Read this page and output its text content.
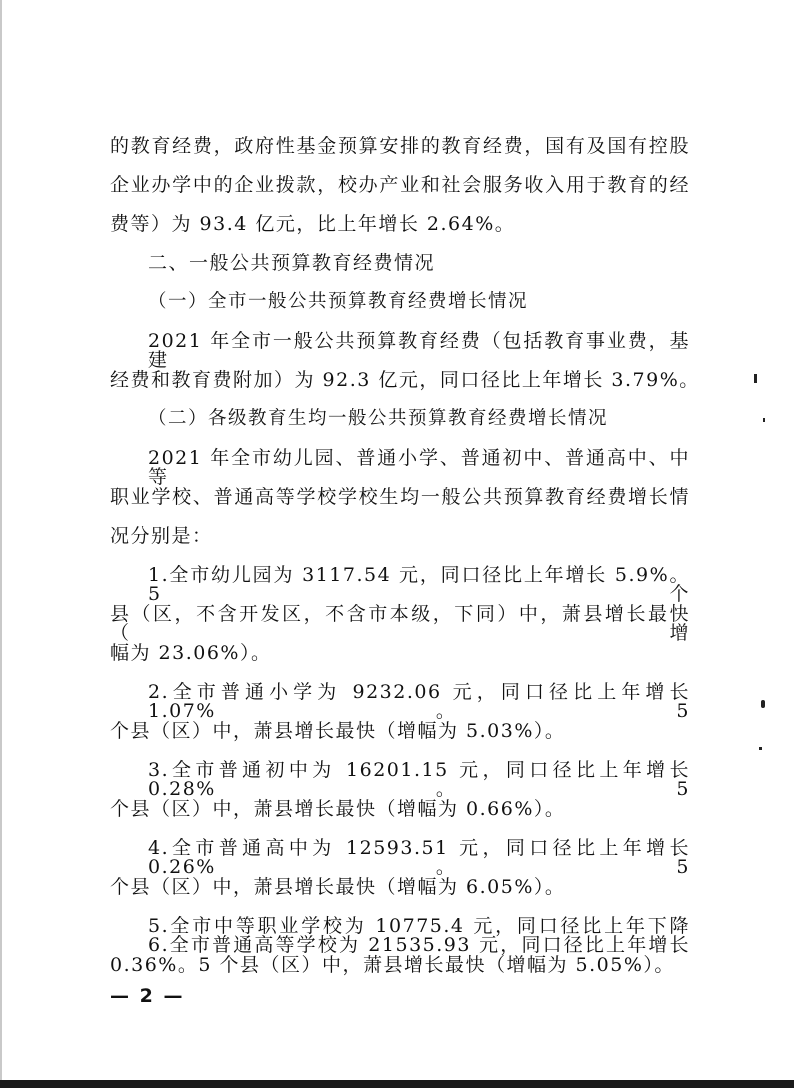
的教育经费，政府性基金预算安排的教育经费，国有及国有控股
企业办学中的企业拨款，校办产业和社会服务收入用于教育的经
费等）为 93.4 亿元，比上年增长 2.64%。
二、一般公共预算教育经费情况
（一）全市一般公共预算教育经费增长情况
2021 年全市一般公共预算教育经费（包括教育事业费，基建
经费和教育费附加）为 92.3 亿元，同口径比上年增长 3.79%。
（二）各级教育生均一般公共预算教育经费增长情况
2021 年全市幼儿园、普通小学、普通初中、普通高中、中等
职业学校、普通高等学校学校生均一般公共预算教育经费增长情
况分别是：
1.全市幼儿园为 3117.54 元，同口径比上年增长 5.9%。5 个
县（区，不含开发区，不含市本级，下同）中，萧县增长最快（增
幅为 23.06%）。
2.全市普通小学为 9232.06 元，同口径比上年增长 1.07%。5
个县（区）中，萧县增长最快（增幅为 5.03%）。
3.全市普通初中为 16201.15 元，同口径比上年增长 0.28%。5
个县（区）中，萧县增长最快（增幅为 0.66%）。
4.全市普通高中为 12593.51 元，同口径比上年增长 0.26%。5
个县（区）中，萧县增长最快（增幅为 6.05%）。
5.全市中等职业学校为 10775.4 元，同口径比上年下降
0.36%。5 个县（区）中，萧县增长最快（增幅为 5.05%）。
6.全市普通高等学校为 21535.93 元，同口径比上年增长
— 2 —
